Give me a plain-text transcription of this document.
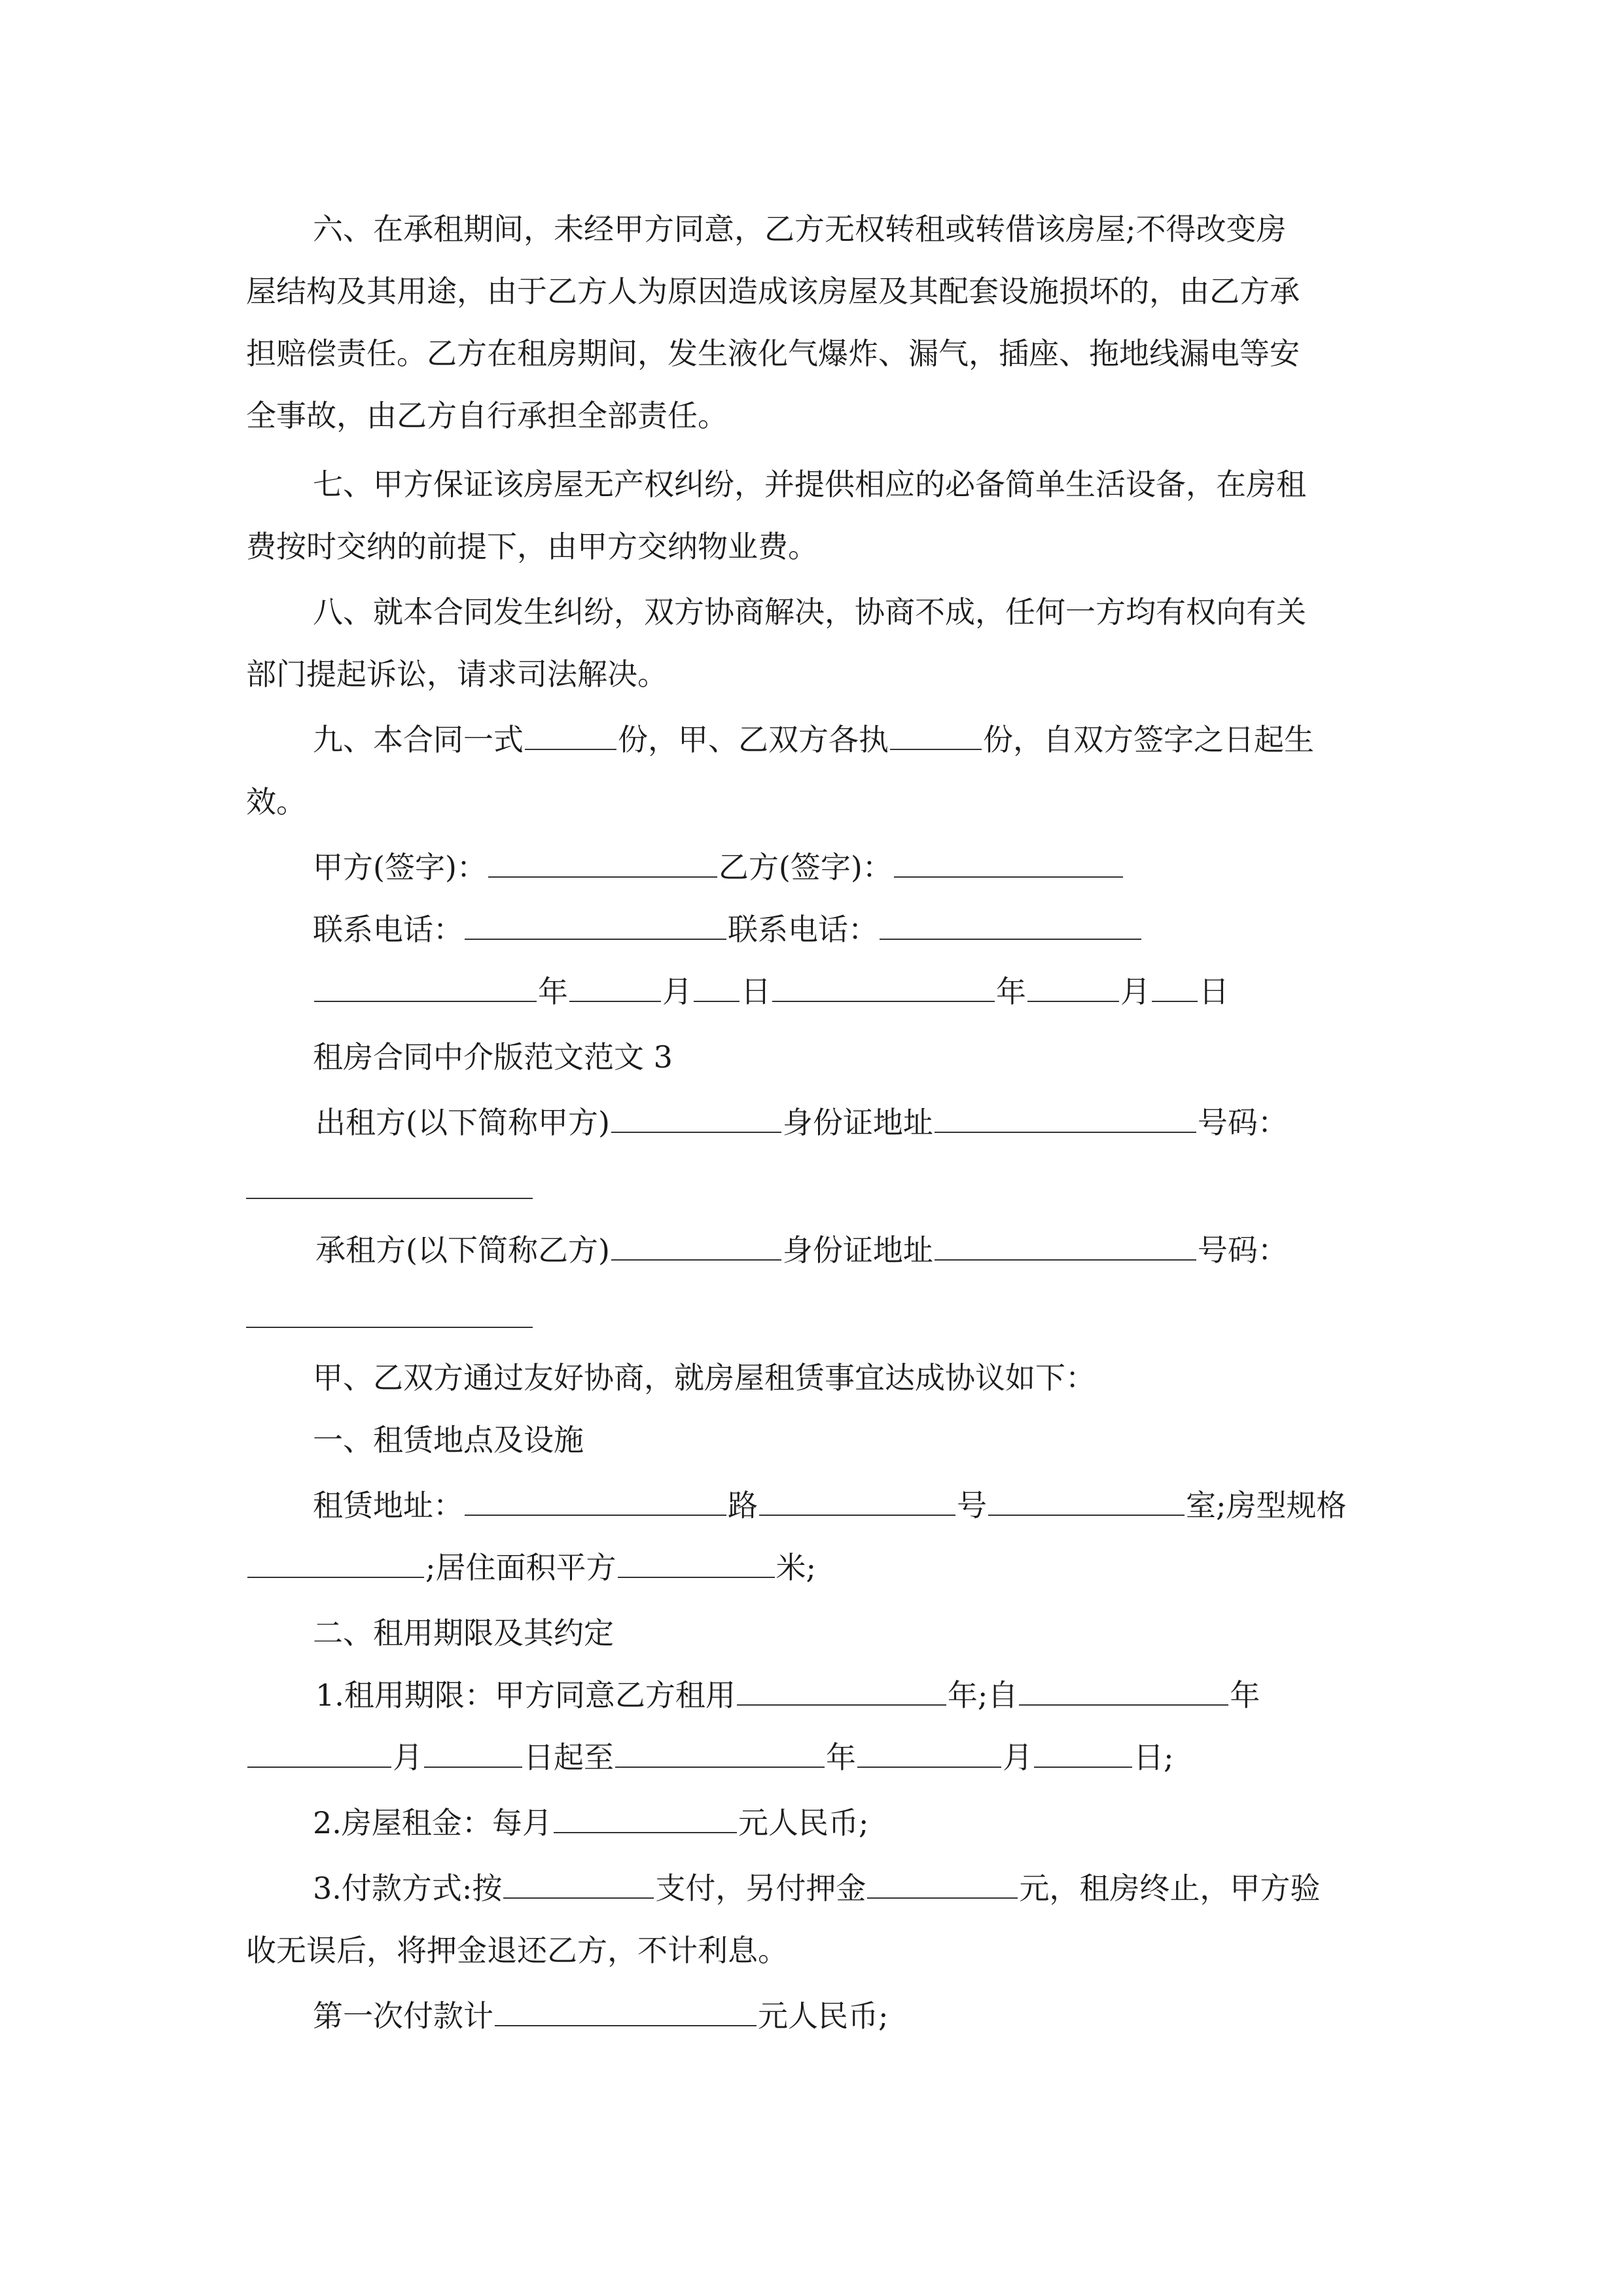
六、在承租期间，未经甲方同意，乙方无权转租或转借该房屋;不得改变房
屋结构及其用途，由于乙方人为原因造成该房屋及其配套设施损坏的，由乙方承
担赔偿责任。乙方在租房期间，发生液化气爆炸、漏气，插座、拖地线漏电等安
全事故，由乙方自行承担全部责任。
七、甲方保证该房屋无产权纠纷，并提供相应的必备简单生活设备，在房租
费按时交纳的前提下，由甲方交纳物业费。
八、就本合同发生纠纷，双方协商解决，协商不成，任何一方均有权向有关
部门提起诉讼，请求司法解决。
九、本合同一式	份，甲、乙双方各执	份，自双方签字之日起生
效。
甲方(签字)：	乙方(签字)：
联系电话：	联系电话：
年	月 日	年	月 日
租房合同中介版范文范文 3
出租方(以下简称甲方)	身份证地址	号码：
承租方(以下简称乙方)	身份证地址	号码：
甲、乙双方通过友好协商，就房屋租赁事宜达成协议如下：
一、租赁地点及设施
租赁地址：	路	号	室;房型规格
;居住面积平方	米;
二、租用期限及其约定
1.租用期限：甲方同意乙方租用	年;自	年
月	日起至	年	月	日;
2.房屋租金：每月	元人民币;
3.付款方式:按	支付，另付押金	元，租房终止，甲方验
收无误后，将押金退还乙方，不计利息。
第一次付款计	元人民币;
